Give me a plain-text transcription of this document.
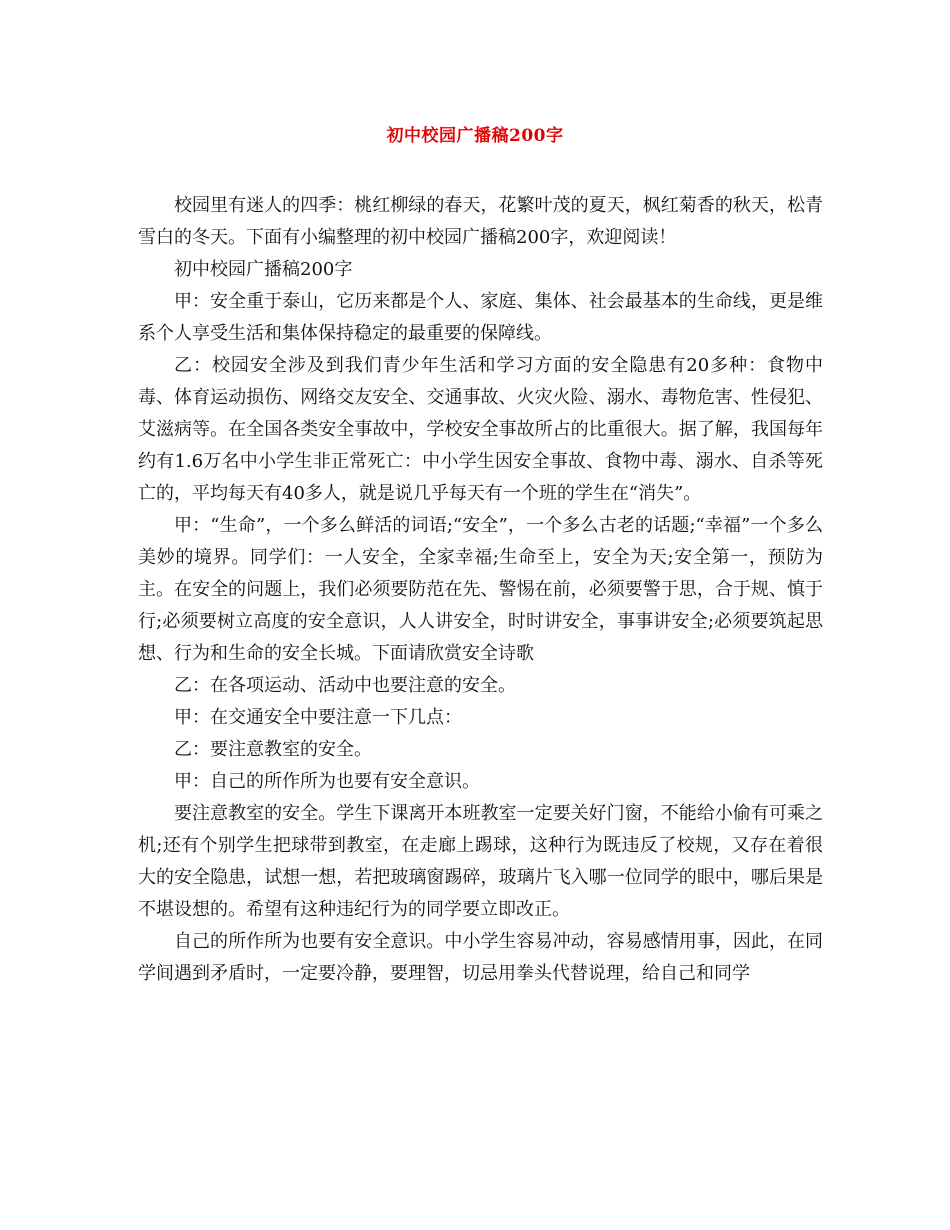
初中校园广播稿200字

校园里有迷人的四季：桃红柳绿的春天，花繁叶茂的夏天，枫红菊香的秋天，松青雪白的冬天。下面有小编整理的初中校园广播稿200字，欢迎阅读！

初中校园广播稿200字

甲：安全重于泰山，它历来都是个人、家庭、集体、社会最基本的生命线，更是维系个人享受生活和集体保持稳定的最重要的保障线。

乙：校园安全涉及到我们青少年生活和学习方面的安全隐患有20多种：食物中毒、体育运动损伤、网络交友安全、交通事故、火灾火险、溺水、毒物危害、性侵犯、艾滋病等。在全国各类安全事故中，学校安全事故所占的比重很大。据了解，我国每年约有1.6万名中小学生非正常死亡：中小学生因安全事故、食物中毒、溺水、自杀等死亡的，平均每天有40多人，就是说几乎每天有一个班的学生在“消失”。

甲：“生命”，一个多么鲜活的词语;“安全”，一个多么古老的话题;“幸福”一个多么美妙的境界。同学们：一人安全，全家幸福;生命至上，安全为天;安全第一，预防为主。在安全的问题上，我们必须要防范在先、警惕在前，必须要警于思，合于规、慎于行;必须要树立高度的安全意识，人人讲安全，时时讲安全，事事讲安全;必须要筑起思想、行为和生命的安全长城。下面请欣赏安全诗歌

乙：在各项运动、活动中也要注意的安全。

甲：在交通安全中要注意一下几点：

乙：要注意教室的安全。

甲：自己的所作所为也要有安全意识。

要注意教室的安全。学生下课离开本班教室一定要关好门窗，不能给小偷有可乘之机;还有个别学生把球带到教室，在走廊上踢球，这种行为既违反了校规，又存在着很大的安全隐患，试想一想，若把玻璃窗踢碎，玻璃片飞入哪一位同学的眼中，哪后果是不堪设想的。希望有这种违纪行为的同学要立即改正。

自己的所作所为也要有安全意识。中小学生容易冲动，容易感情用事，因此，在同学间遇到矛盾时，一定要冷静，要理智，切忌用拳头代替说理，给自己和同学
